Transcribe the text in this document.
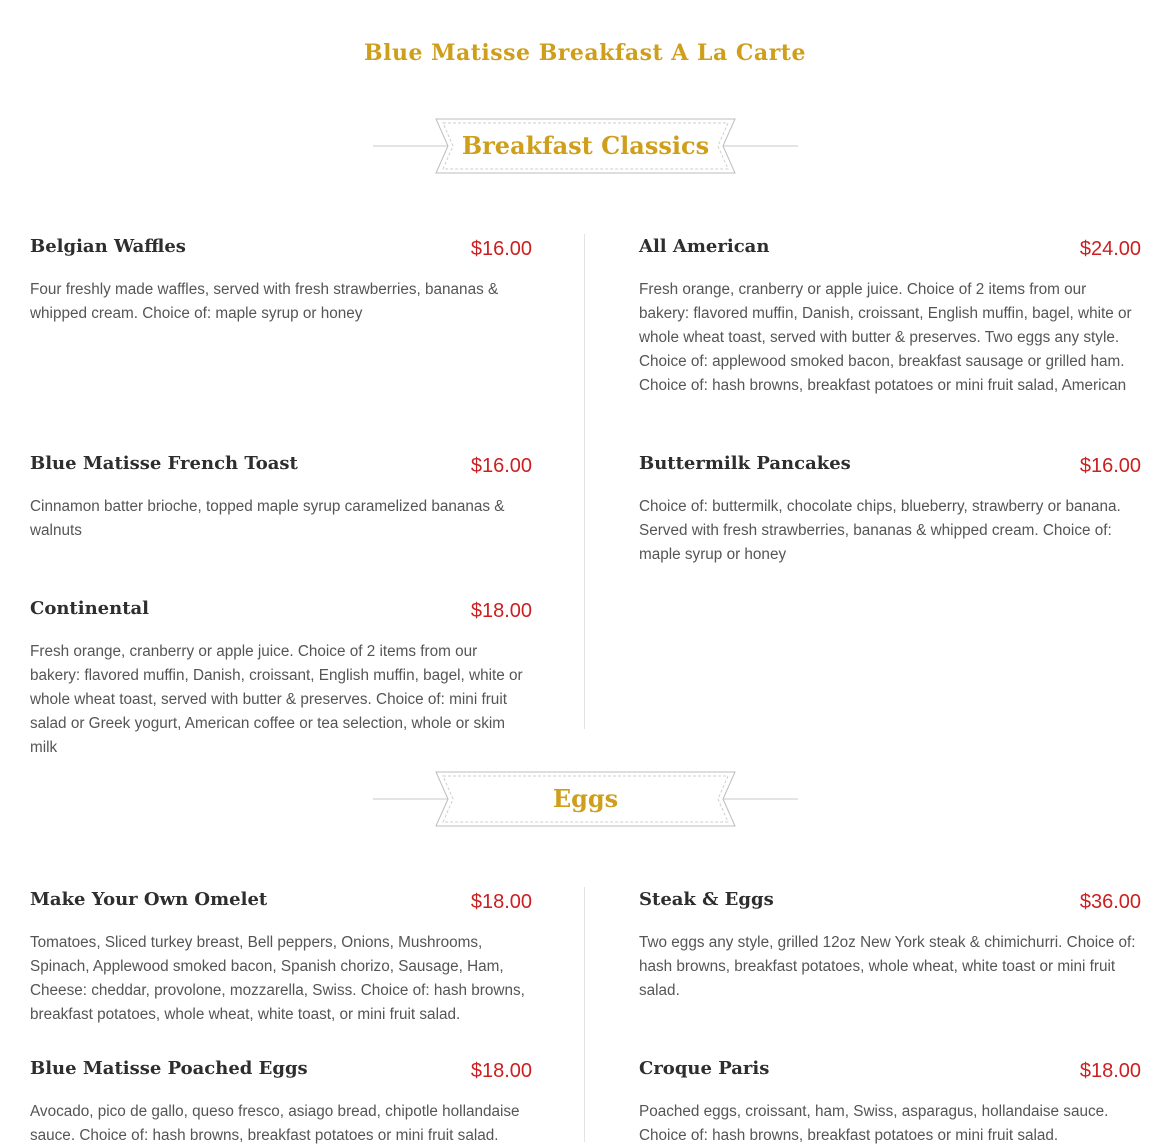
Blue Matisse Breakfast A La Carte
Breakfast Classics
Belgian Waffles	$16.00
Four freshly made waffles, served with fresh strawberries, bananas & whipped cream. Choice of: maple syrup or honey
All American	$24.00
Fresh orange, cranberry or apple juice. Choice of 2 items from our bakery: flavored muffin, Danish, croissant, English muffin, bagel, white or whole wheat toast, served with butter & preserves. Two eggs any style. Choice of: applewood smoked bacon, breakfast sausage or grilled ham. Choice of: hash browns, breakfast potatoes or mini fruit salad, American
Blue Matisse French Toast	$16.00
Cinnamon batter brioche, topped maple syrup caramelized bananas & walnuts
Buttermilk Pancakes	$16.00
Choice of: buttermilk, chocolate chips, blueberry, strawberry or banana. Served with fresh strawberries, bananas & whipped cream. Choice of: maple syrup or honey
Continental	$18.00
Fresh orange, cranberry or apple juice. Choice of 2 items from our bakery: flavored muffin, Danish, croissant, English muffin, bagel, white or whole wheat toast, served with butter & preserves. Choice of: mini fruit salad or Greek yogurt, American coffee or tea selection, whole or skim milk
Eggs
Make Your Own Omelet	$18.00
Tomatoes, Sliced turkey breast, Bell peppers, Onions, Mushrooms, Spinach, Applewood smoked bacon, Spanish chorizo, Sausage, Ham, Cheese: cheddar, provolone, mozzarella, Swiss. Choice of: hash browns, breakfast potatoes, whole wheat, white toast, or mini fruit salad.
Steak & Eggs	$36.00
Two eggs any style, grilled 12oz New York steak & chimichurri. Choice of: hash browns, breakfast potatoes, whole wheat, white toast or mini fruit salad.
Blue Matisse Poached Eggs	$18.00
Avocado, pico de gallo, queso fresco, asiago bread, chipotle hollandaise sauce. Choice of: hash browns, breakfast potatoes or mini fruit salad.
Croque Paris	$18.00
Poached eggs, croissant, ham, Swiss, asparagus, hollandaise sauce. Choice of: hash browns, breakfast potatoes or mini fruit salad.
